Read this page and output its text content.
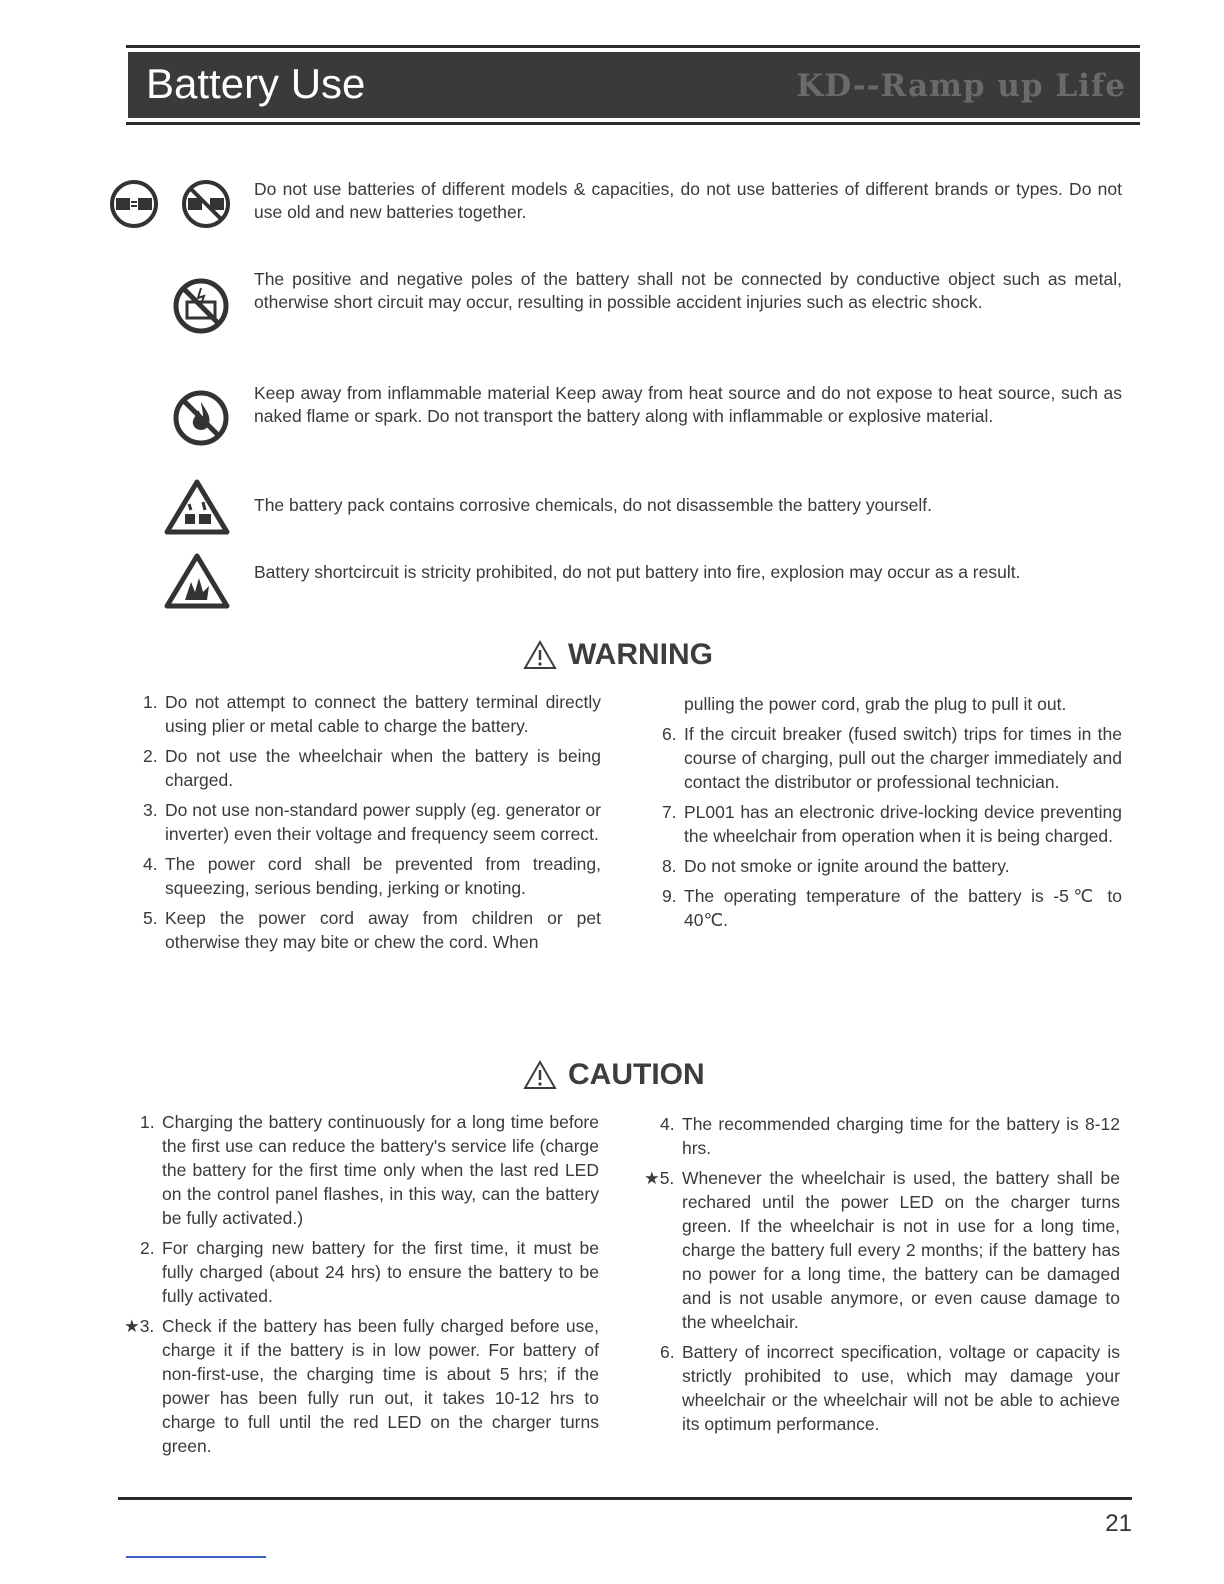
Battery Use	KD--Ramp up Life
Do not use batteries of different models & capacities, do not use batteries of different brands or types. Do not use old and new batteries together.
The positive and negative poles of the battery shall not be connected by conductive object such as metal, otherwise short circuit may occur, resulting in possible accident injuries such as electric shock.
Keep away from inflammable material Keep away from heat source and do not expose to heat source, such as naked flame or spark. Do not transport the battery along with inflammable or explosive material.
The battery pack contains corrosive chemicals, do not disassemble the battery yourself.
Battery shortcircuit is stricity prohibited, do not put battery into fire, explosion may occur as a result.
WARNING
1. Do not attempt to connect the battery terminal directly using plier or metal cable to charge the battery.
2. Do not use the wheelchair when the battery is being charged.
3. Do not use non-standard power supply (eg. generator or inverter) even their voltage and frequency seem correct.
4. The power cord shall be prevented from treading, squeezing, serious bending, jerking or knoting.
5. Keep the power cord away from children or pet otherwise they may bite or chew the cord. When
pulling the power cord, grab the plug to pull it out.
6. If the circuit breaker (fused switch) trips for times in the course of charging, pull out the charger immediately and contact the distributor or professional technician.
7. PL001 has an electronic drive-locking device preventing the wheelchair from operation when it is being charged.
8. Do not smoke or ignite around the battery.
9. The operating temperature of the battery is -5℃ to 40℃.
CAUTION
1. Charging the battery continuously for a long time before the first use can reduce the battery's service life (charge the battery for the first time only when the last red LED on the control panel flashes, in this way, can the battery be fully activated.)
2. For charging new battery for the first time, it must be fully charged (about 24 hrs) to ensure the battery to be fully activated.
★3. Check if the battery has been fully charged before use, charge it if the battery is in low power. For battery of non-first-use, the charging time is about 5 hrs; if the power has been fully run out, it takes 10-12 hrs to charge to full until the red LED on the charger turns green.
4. The recommended charging time for the battery is 8-12 hrs.
★5. Whenever the wheelchair is used, the battery shall be rechared until the power LED on the charger turns green. If the wheelchair is not in use for a long time, charge the battery full every 2 months; if the battery has no power for a long time, the battery can be damaged and is not usable anymore, or even cause damage to the wheelchair.
6. Battery of incorrect specification, voltage or capacity is strictly prohibited to use, which may damage your wheelchair or the wheelchair will not be able to achieve its optimum performance.
21
